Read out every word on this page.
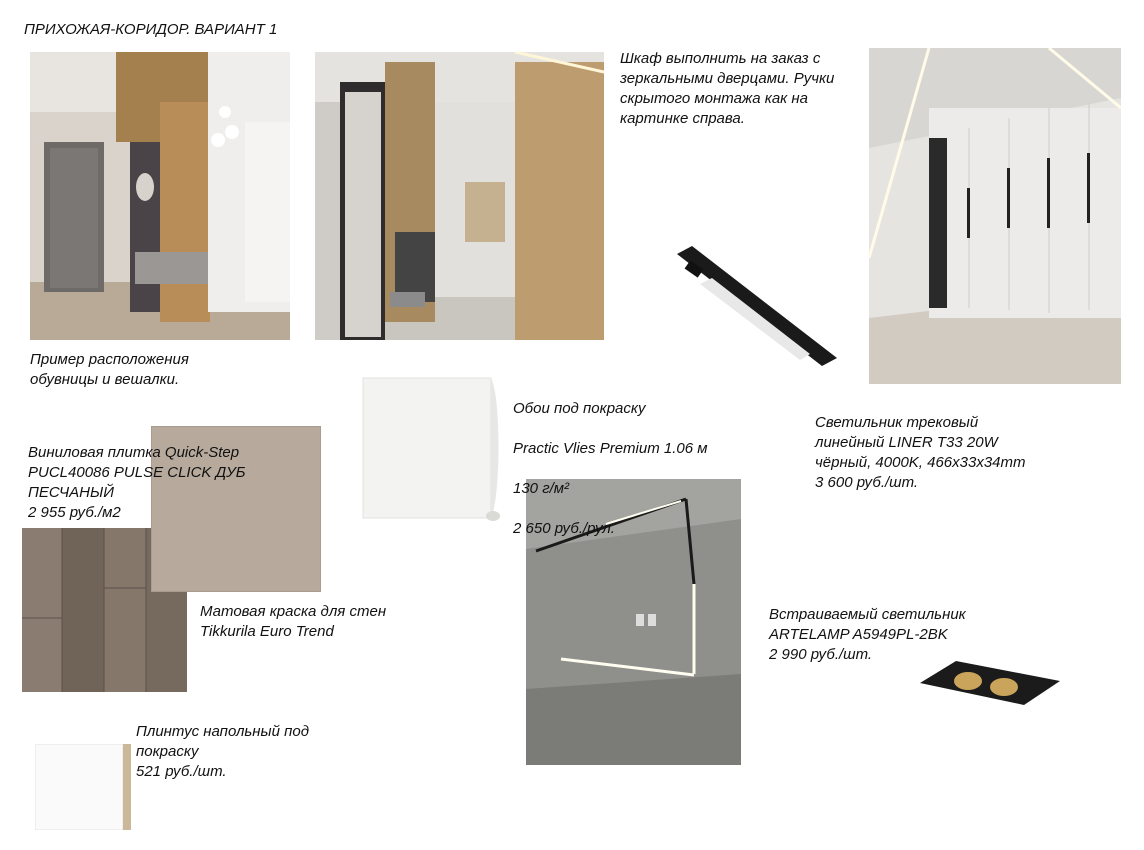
ПРИХОЖАЯ-КОРИДОР. ВАРИАНТ 1
Пример расположения
обувницы и вешалки.
Шкаф выполнить на заказ с
зеркальными дверцами. Ручки
скрытого монтажа как на
картинке справа.

Обои под покраску

Practic Vlies Premium 1.06 м

130 г/м²

2 650 руб./рул.

Светильник трековый
линейный LINER T33 20W
чёрный, 4000K, 466x33x34mm
3 600 руб./шт.
Виниловая плитка Quick-Step
PUCL40086 PULSE CLICK ДУБ
ПЕСЧАНЫЙ
2 955 руб./м2
Матовая краска для стен
Tikkurila Euro Trend
Встраиваемый светильник
ARTELAMP A5949PL-2BK
2 990 руб./шт.
Плинтус напольный под
покраску
521 руб./шт.
